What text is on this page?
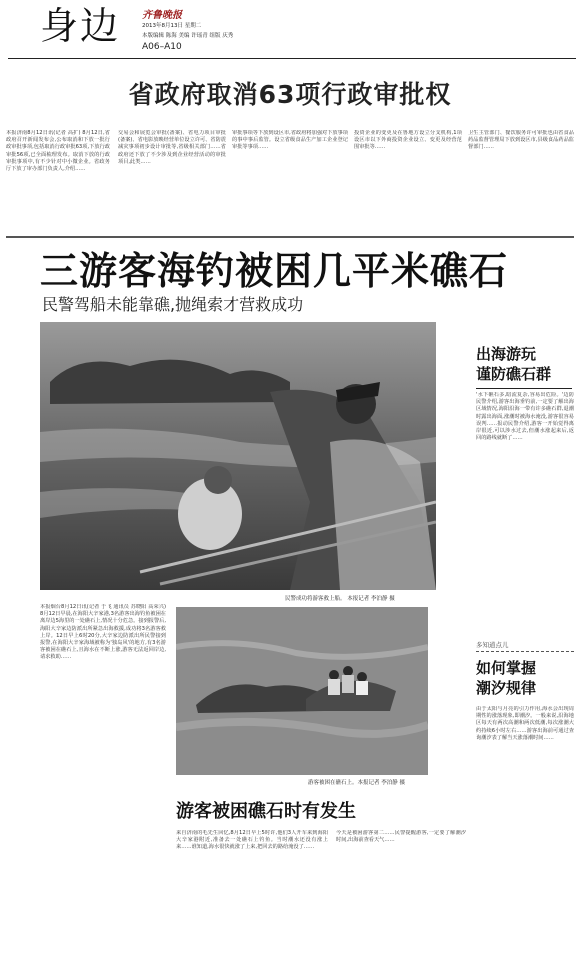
身边 齐鲁晚报
2013年8月13日 星期二
本版编辑 陈海 美编 许瑶青 组版 庆秀
A06–A10
省政府取消63项行政审批权
本报济南8月12日讯(记者 高扩) 8月12日,省政府召开新闻发布会,公布取消和下放一批行政审批事项,包括取消行政审批63项,下放行政审批56项,已全面梳理发布。取消下放的行政审批事项中,有不少针对中小微企业。省政务厅下放了审办部门负责人,介绍……
交易会和展览会审批(备案)、省电力项目审批(备案)、省电影放映经营单位设立许可、省防震减灾事项初步设计审批等,省级相关部门……省政府还下放了不少涉及到企业经营活动的审批项目,此类……
审批事项等下放到设区市,省政府将加强对下放事项的事中事后监管。设立省级食品生产加工企业登记审批等事项……
投资企业的变更及在鲁地方设立分支机构,1项设区市以下外商投资企业设立、变更及经营范围审批等……
卫生主管部门、餐饮服务许可审批也由省食品药品监督管理局下放到设区市,县级食品药品监督部门……
三游客海钓被困几平米礁石
民警驾船未能靠礁,抛绳索才营救成功
民警成功将游客救上船。 本报记者 李泊静 摄
出海游玩
谨防礁石群
'水下礁石多,暗流复杂,容易出危险。'边防民警介绍,游客出海垂钓前,一定要了解出海区域情况,海阳沿海一带有许多礁石群,退潮时露出海面,涨潮时被海水淹没,游客很容易误判……报动民警介绍,游客一开始觉得离岸很近,可以涉水过去,但潮水涨起来后,返回的路线就断了……
多知道点儿
如何掌握
潮汐规律
由于太阳与月亮的引力作用,海水会出现周期性的涨落现象,即潮汐。一般来说,沿海地区每天有两次高潮和两次低潮,每次涨潮大约持续6小时左右……游客出海前可通过查询潮汐表了解当天涨落潮时间……
本报烟台8月12日讯(记者 于飞 通讯员 苏晓阳 高荣兴) 8月12日早晨,在海阳大辛家港,3名游客出海钓鱼被困在离岸边5海里的一处礁石上,情况十分危急。接到报警后,海阳大辛家边防派出所紧急出海救援,成功将3名游客救上岸。12日早上6时20分,大辛家边防派出所民警接到报警,在海阳大辛家海域被称为'独岛风'的地方,有3名游客被困在礁石上,且海水在不断上涨,游客无法返回岸边,请求救助……
游客被困在礁石上。本报记者 李泊静 摄
游客被困礁石时有发生
来自济南的毛先生回忆,8月12日早上5时许,他们3人开车来到海阳大辛家港附近,准备去一处礁石上钓鱼。当时潮水还没有涨上来……谁知道,海水很快就涨了上来,把回去的路给淹没了……
今天是被困游客第二……民警提醒游客,一定要了解潮汐时间,出海前查看天气……
